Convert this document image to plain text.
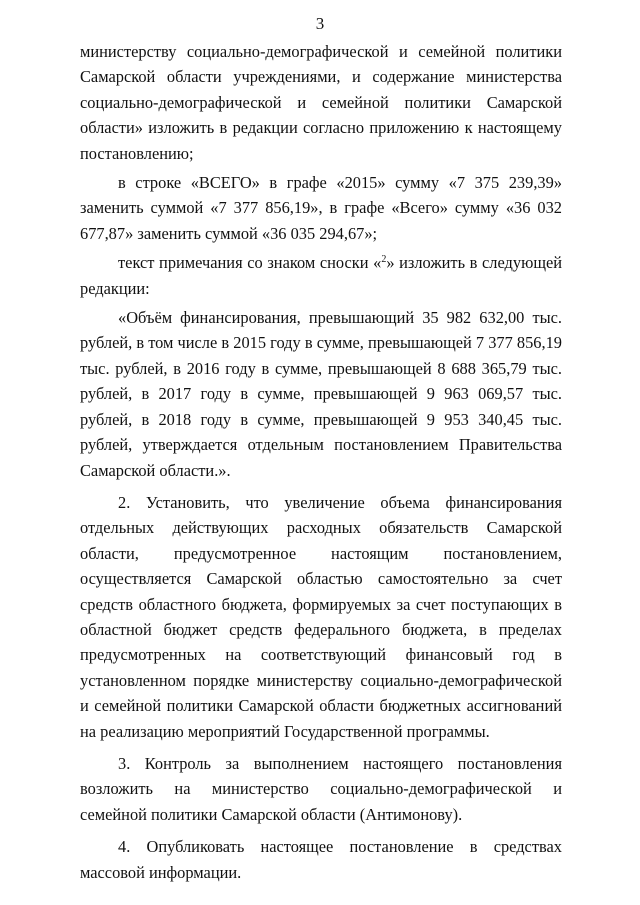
3

министерству социально-демографической и семейной политики Самарской области учреждениями, и содержание министерства социально-демографической и семейной политики Самарской области» изложить в редакции согласно приложению к настоящему постановлению;

в строке «ВСЕГО» в графе «2015» сумму «7 375 239,39» заменить суммой «7 377 856,19», в графе «Всего» сумму «36 032 677,87» заменить суммой «36 035 294,67»;

текст примечания со знаком сноски «$^2$» изложить в следующей редакции:

«Объём финансирования, превышающий 35 982 632,00 тыс. рублей, в том числе в 2015 году в сумме, превышающей 7 377 856,19 тыс. рублей, в 2016 году в сумме, превышающей 8 688 365,79 тыс. рублей, в 2017 году в сумме, превышающей 9 963 069,57 тыс. рублей, в 2018 году в сумме, превышающей 9 953 340,45 тыс. рублей, утверждается отдельным постановлением Правительства Самарской области.».

2. Установить, что увеличение объема финансирования отдельных действующих расходных обязательств Самарской области, предусмотренное настоящим постановлением, осуществляется Самарской областью самостоятельно за счет средств областного бюджета, формируемых за счет поступающих в областной бюджет средств федерального бюджета, в пределах предусмотренных на соответствующий финансовый год в установленном порядке министерству социально-демографической и семейной политики Самарской области бюджетных ассигнований на реализацию мероприятий Государственной программы.

3. Контроль за выполнением настоящего постановления возложить на министерство социально-демографической и семейной политики Самарской области (Антимонову).

4. Опубликовать настоящее постановление в средствах массовой информации.
